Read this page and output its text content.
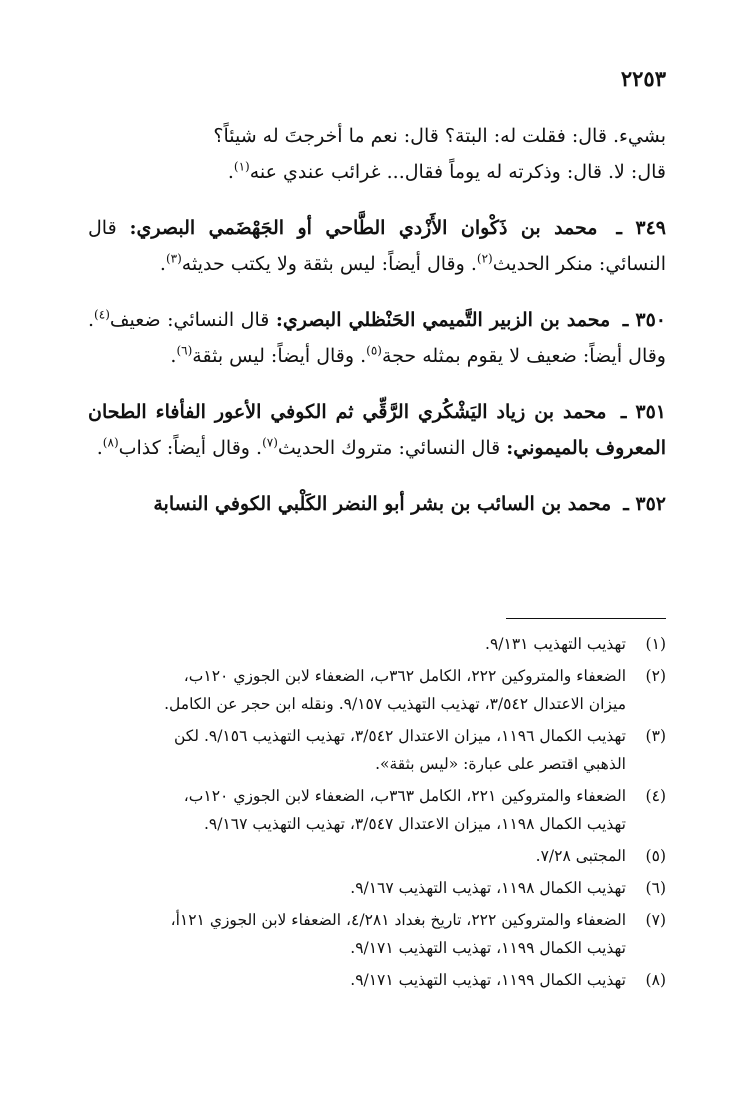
٢٢٥٣

بشيء. قال: فقلت له: البتة؟ قال: نعم ما أخرجتَ له شيئاً؟
قال: لا. قال: وذكرته له يوماً فقال... غرائب عندي عنه$^{(١)}$.

٣٤٩ ـ محمد بن ذَكْوان الأَزْدي الطَّاحي أو الجَهْضَمي البصري: قال النسائي: منكر الحديث$^{(٢)}$. وقال أيضاً: ليس بثقة ولا يكتب حديثه$^{(٣)}$.

٣٥٠ ـ محمد بن الزبير التَّميمي الحَنْظلي البصري: قال النسائي: ضعيف$^{(٤)}$. وقال أيضاً: ضعيف لا يقوم بمثله حجة$^{(٥)}$. وقال أيضاً: ليس بثقة$^{(٦)}$.

٣٥١ ـ محمد بن زياد اليَشْكُري الرَّقِّي ثم الكوفي الأعور الفأفاء الطحان المعروف بالميموني: قال النسائي: متروك الحديث$^{(٧)}$. وقال أيضاً: كذاب$^{(٨)}$.

٣٥٢ ـ محمد بن السائب بن بشر أبو النضر الكَلْبي الكوفي النسابة

(١)
تهذيب التهذيب ٩/١٣١.
(٢)
الضعفاء والمتروكين ٢٢٢، الكامل ٣٦٢ب، الضعفاء لابن الجوزي ١٢٠ب،
ميزان الاعتدال ٣/٥٤٢، تهذيب التهذيب ٩/١٥٧. ونقله ابن حجر عن الكامل.
(٣)
تهذيب الكمال ١١٩٦، ميزان الاعتدال ٣/٥٤٢، تهذيب التهذيب ٩/١٥٦. لكن
الذهبي اقتصر على عبارة: «ليس بثقة».
(٤)
الضعفاء والمتروكين ٢٢١، الكامل ٣٦٣ب، الضعفاء لابن الجوزي ١٢٠ب،
تهذيب الكمال ١١٩٨، ميزان الاعتدال ٣/٥٤٧، تهذيب التهذيب ٩/١٦٧.
(٥)
المجتبى ٧/٢٨.
(٦)
تهذيب الكمال ١١٩٨، تهذيب التهذيب ٩/١٦٧.
(٧)
الضعفاء والمتروكين ٢٢٢، تاريخ بغداد ٤/٢٨١، الضعفاء لابن الجوزي ١٢١أ،
تهذيب الكمال ١١٩٩، تهذيب التهذيب ٩/١٧١.
(٨)
تهذيب الكمال ١١٩٩، تهذيب التهذيب ٩/١٧١.
